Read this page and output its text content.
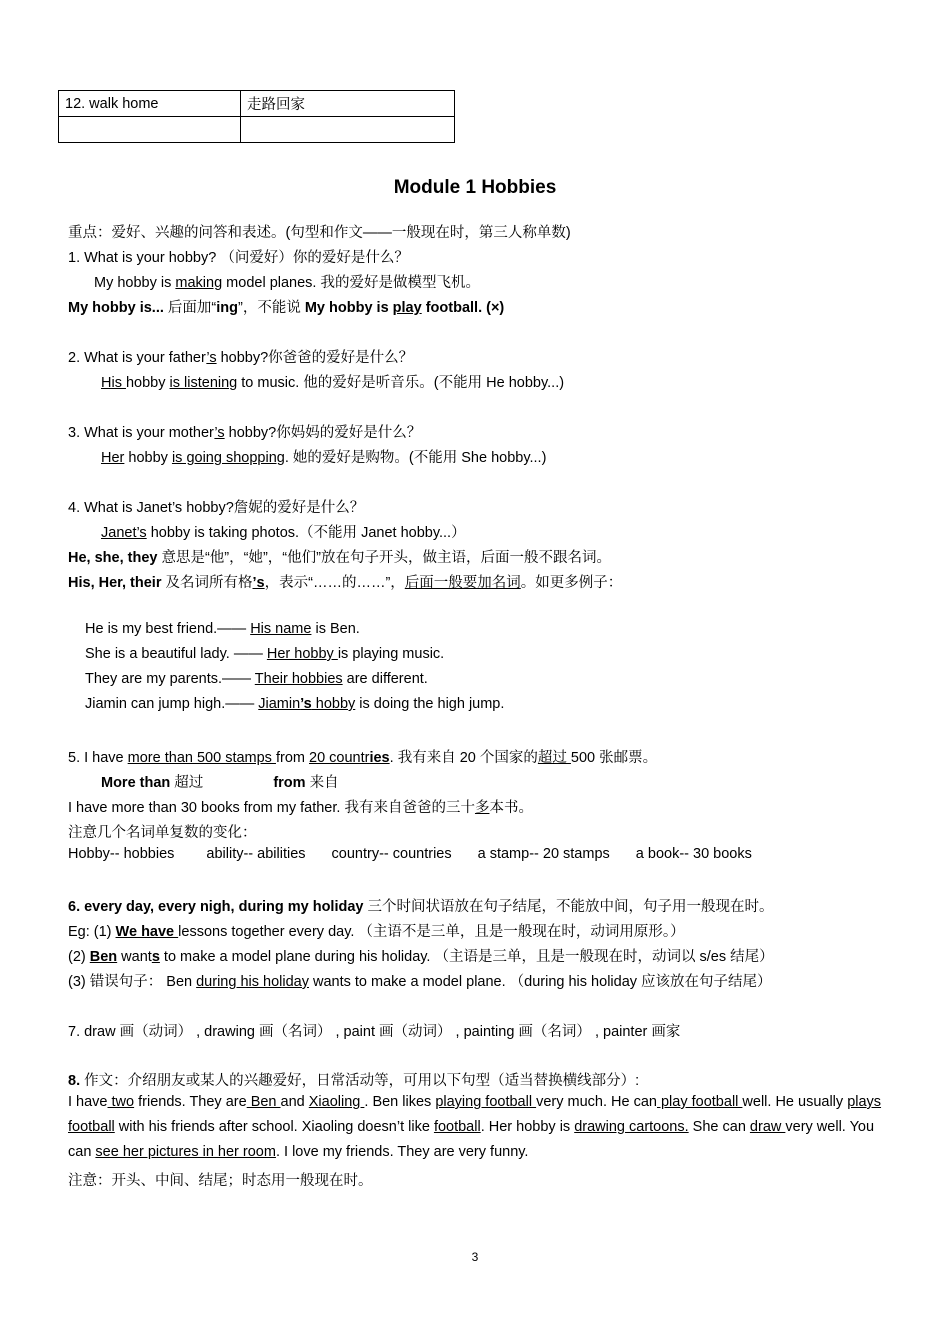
12. walk home	走路回家

Module 1 Hobbies
重点：爱好、兴趣的问答和表述。(句型和作文——一般现在时，第三人称单数)
1. What is your hobby? （问爱好）你的爱好是什么？
My hobby is making model planes. 我的爱好是做模型飞机。
My hobby is... 后面加“ing”，不能说 My hobby is play football. (×)
2. What is your father’s hobby?你爸爸的爱好是什么？
His hobby is listening to music. 他的爱好是听音乐。(不能用 He hobby...)
3. What is your mother’s hobby?你妈妈的爱好是什么？
Her hobby is going shopping. 她的爱好是购物。(不能用 She hobby...)
4. What is Janet’s hobby?詹妮的爱好是什么？
Janet’s hobby is taking photos.（不能用 Janet hobby...）
He, she, they 意思是“他”，“她”，“他们”放在句子开头，做主语，后面一般不跟名词。
His, Her, their 及名词所有格’s，表示“……的……”，后面一般要加名词。如更多例子：
He is my best friend.—— His name is Ben.
She is a beautiful lady. —— Her hobby is playing music.
They are my parents.—— Their hobbies are different.
Jiamin can jump high.—— Jiamin’s hobby is doing the high jump.
5. I have more than 500 stamps from 20 countries. 我有来自 20 个国家的超过 500 张邮票。
More than 超过	from 来自
I have more than 30 books from my father. 我有来自爸爸的三十多本书。
注意几个名词单复数的变化：
Hobby-- hobbies ability-- abilities country-- countries a stamp-- 20 stamps a book-- 30 books
6. every day, every nigh, during my holiday 三个时间状语放在句子结尾，不能放中间，句子用一般现在时。
Eg: (1) We have lessons together every day. （主语不是三单，且是一般现在时，动词用原形。）
(2) Ben wants to make a model plane during his holiday. （主语是三单，且是一般现在时，动词以 s/es 结尾）
(3) 错误句子： Ben during his holiday wants to make a model plane. （during his holiday 应该放在句子结尾）
7. draw 画（动词） , drawing 画（名词） , paint 画（动词） , painting 画（名词） , painter 画家
8. 作文：介绍朋友或某人的兴趣爱好，日常活动等，可用以下句型（适当替换横线部分）:
I have two friends. They are Ben and Xiaoling . Ben likes playing football very much. He can play football well. He usually plays football with his friends after school. Xiaoling doesn’t like football. Her hobby is drawing cartoons. She can draw very well. You can see her pictures in her room. I love my friends. They are very funny.
注意：开头、中间、结尾；时态用一般现在时。
3
